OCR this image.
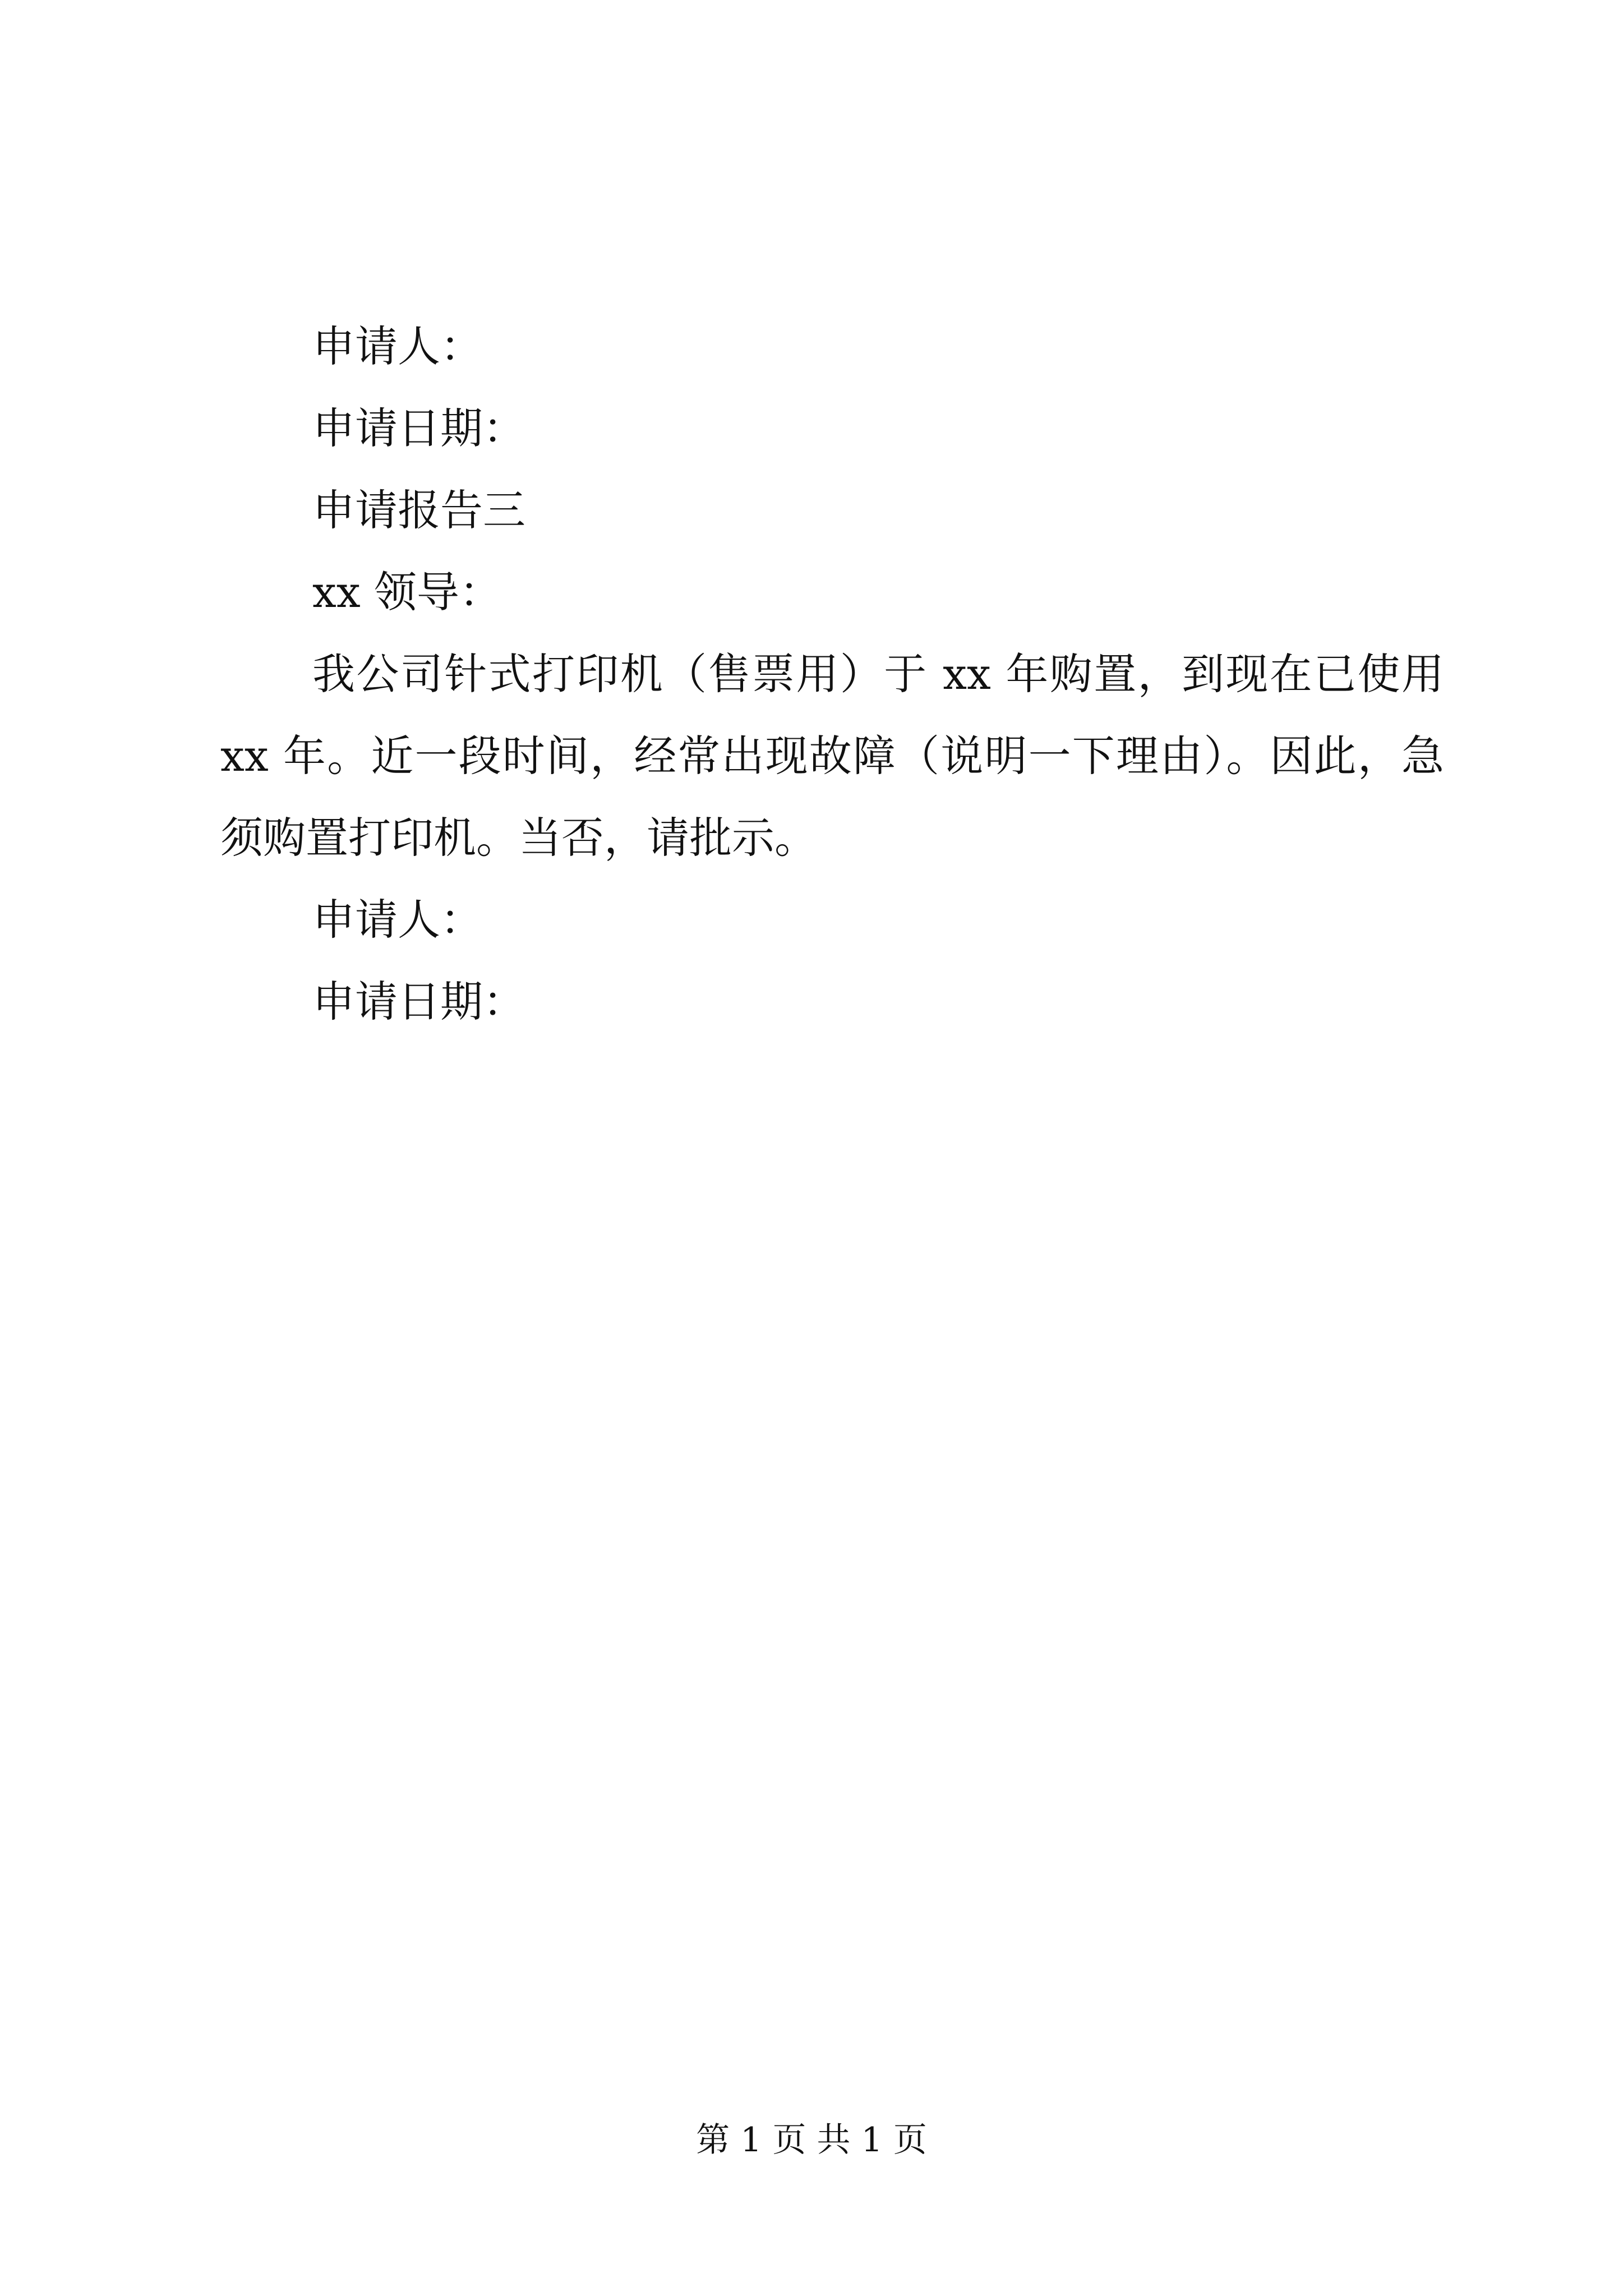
申请人：

申请日期：

申请报告三

xx 领导：

我公司针式打印机（售票用）于 xx 年购置，到现在已使用 xx 年。近一段时间，经常出现故障（说明一下理由）。因此，急须购置打印机。当否，请批示。

申请人：

申请日期：

第 1 页 共 1 页
